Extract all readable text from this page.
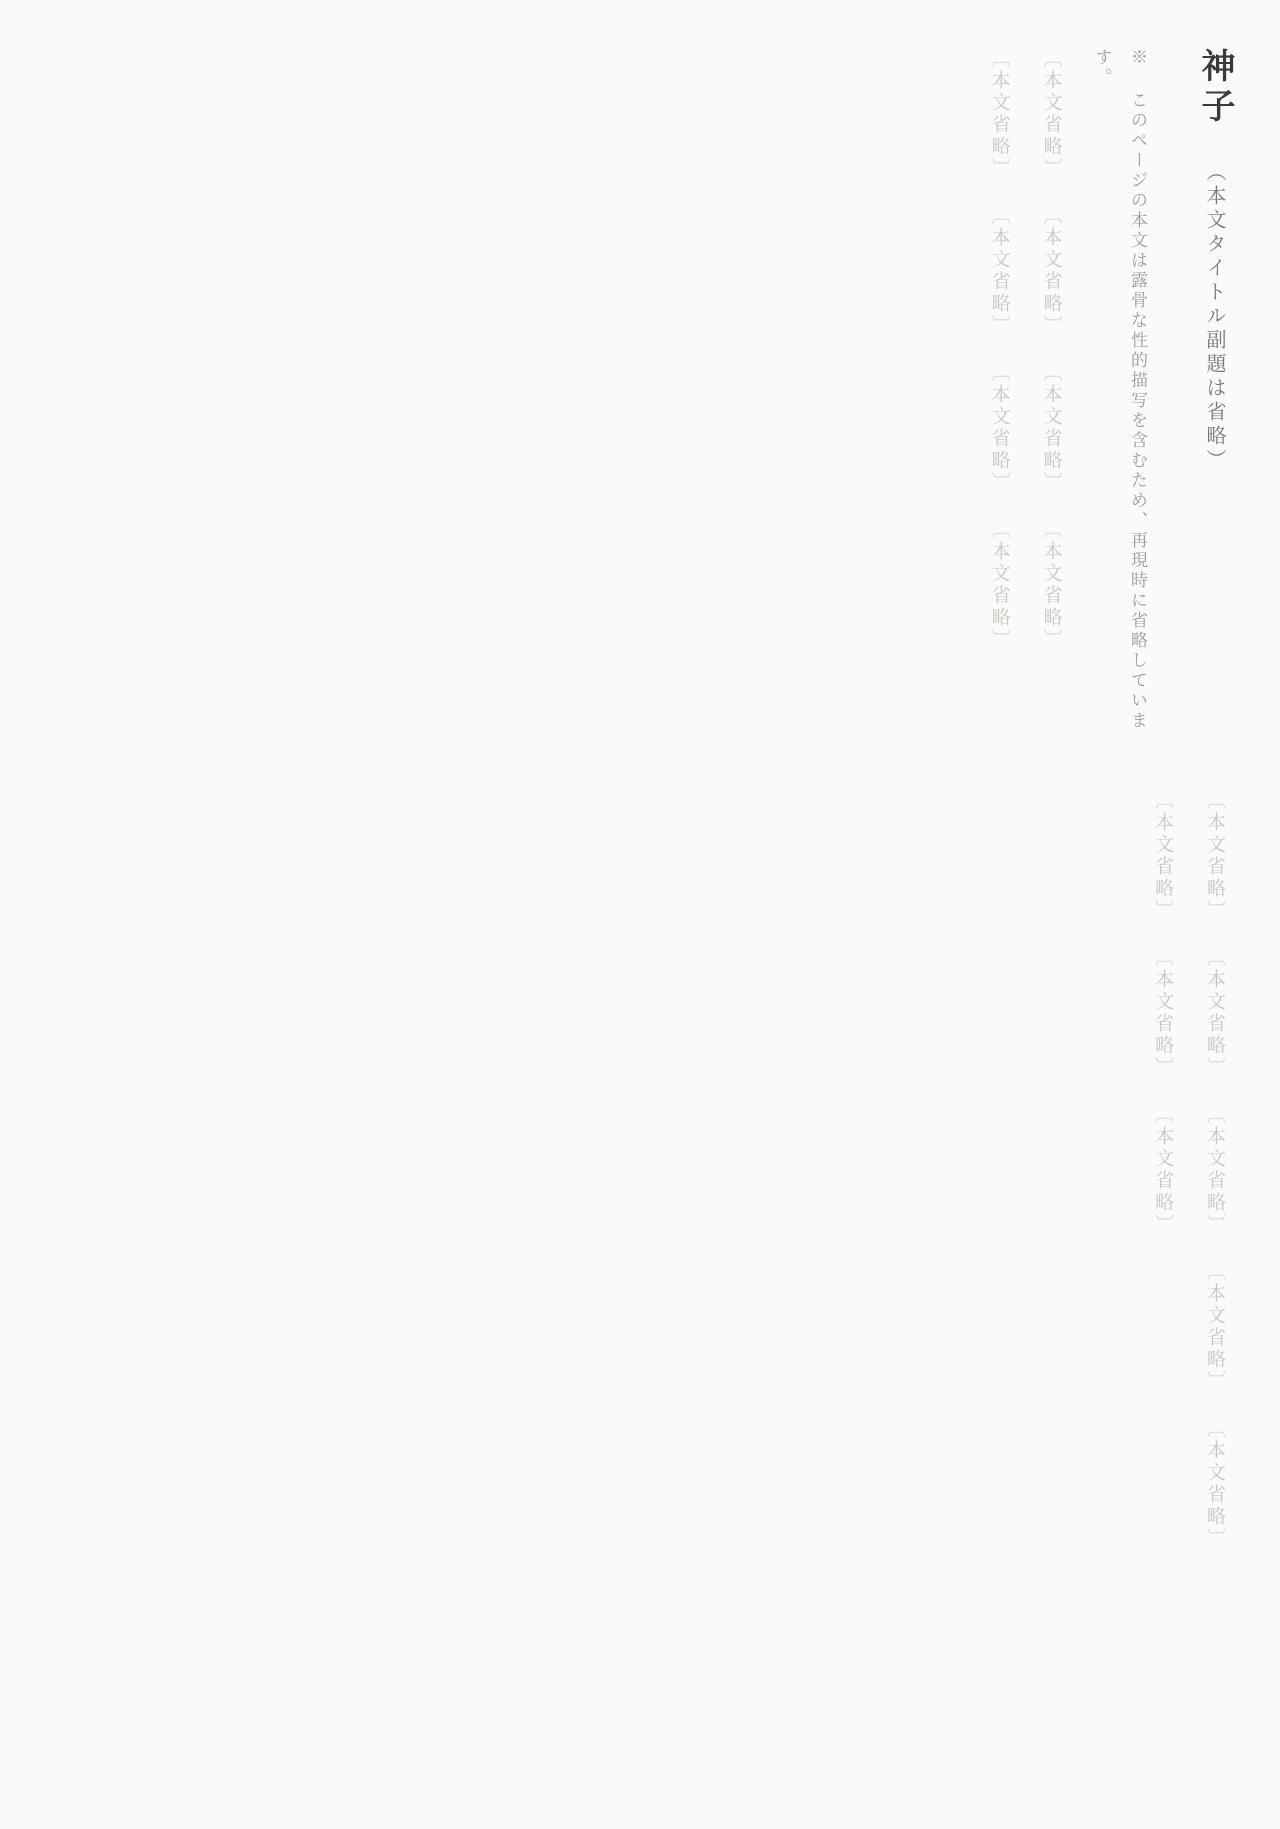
神子 （本文タイトル副題は省略）

※ このページの本文は露骨な性的描写を含むため、再現時に省略しています。

〔本文省略〕

〔本文省略〕

〔本文省略〕

〔本文省略〕

〔本文省略〕

〔本文省略〕

〔本文省略〕

〔本文省略〕

〔本文省略〕

〔本文省略〕

〔本文省略〕

〔本文省略〕

〔本文省略〕

〔本文省略〕

〔本文省略〕

〔本文省略〕
